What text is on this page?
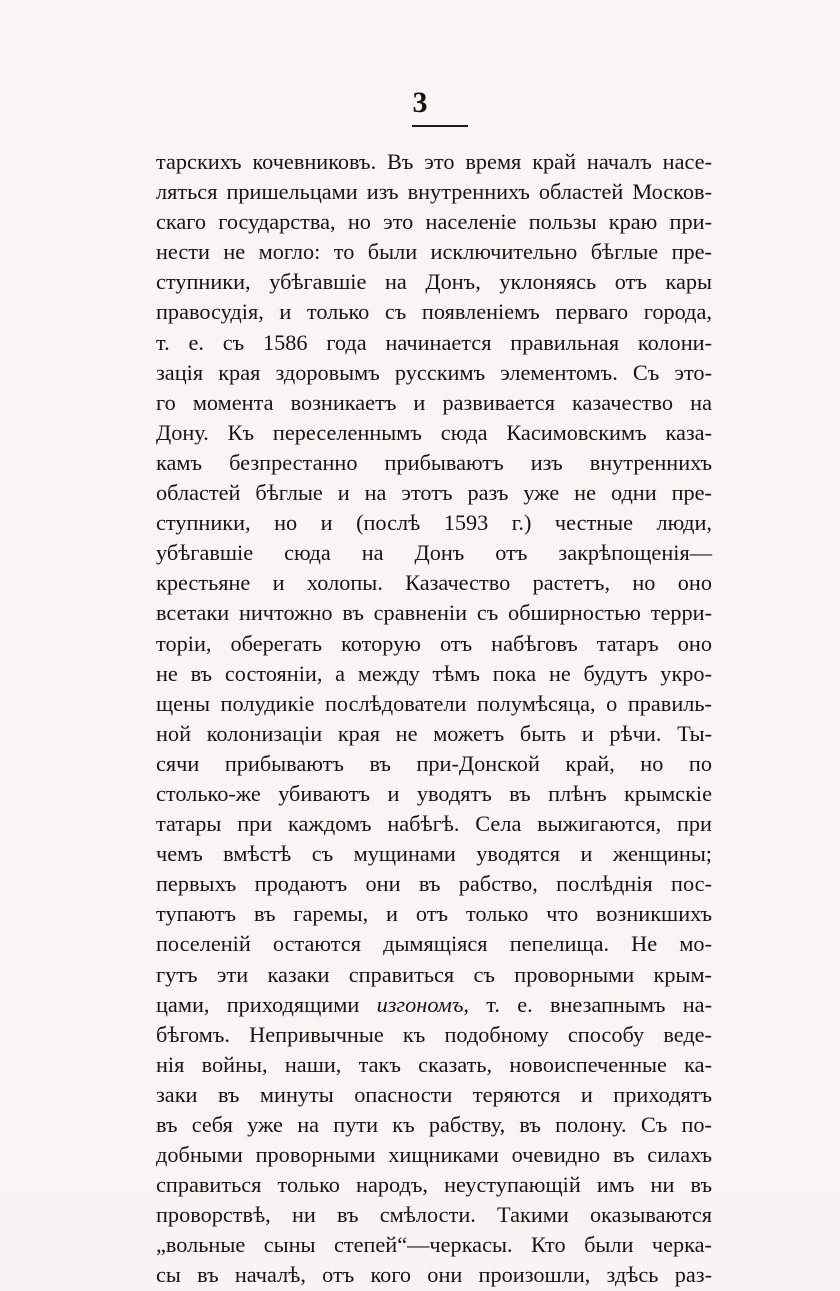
3
тарскихъ кочевниковъ. Въ это время край началъ насе-
ляться пришельцами изъ внутреннихъ областей Москов-
скаго государства, но это населеніе пользы краю при-
нести не могло: то были исключительно бѣглые пре-
ступники, убѣгавшіе на Донъ, уклоняясь отъ кары
правосудія, и только съ появленіемъ перваго города,
т. е. съ 1586 года начинается правильная колони-
зація края здоровымъ русскимъ элементомъ. Съ это-
го момента возникаетъ и развивается казачество на
Дону. Къ переселеннымъ сюда Касимовскимъ каза-
камъ безпрестанно прибываютъ изъ внутреннихъ
областей бѣглые и на этотъ разъ уже не одни пре-
ступники, но и (послѣ 1593 г.) честные люди,
убѣгавшіе сюда на Донъ отъ закрѣпощенія—
крестьяне и холопы. Казачество растетъ, но оно
всетаки ничтожно въ сравненіи съ обширностью терри-
торіи, оберегать которую отъ набѣговъ татаръ оно
не въ состояніи, а между тѣмъ пока не будутъ укро-
щены полудикіе послѣдователи полумѣсяца, о правиль-
ной колонизаціи края не можетъ быть и рѣчи. Ты-
сячи прибываютъ въ при-Донской край, но по
столько-же убиваютъ и уводятъ въ плѣнъ крымскіе
татары при каждомъ набѣгѣ. Села выжигаются, при
чемъ вмѣстѣ съ мущинами уводятся и женщины;
первыхъ продаютъ они въ рабство, послѣднія пос-
тупаютъ въ гаремы, и отъ только что возникшихъ
поселеній остаются дымящіяся пепелища. Не мо-
гутъ эти казаки справиться съ проворными крым-
цами, приходящими изгономъ, т. е. внезапнымъ на-
бѣгомъ. Непривычные къ подобному способу веде-
нія войны, наши, такъ сказать, новоиспеченные ка-
заки въ минуты опасности теряются и приходятъ
въ себя уже на пути къ рабству, въ полону. Съ по-
добными проворными хищниками очевидно въ силахъ
справиться только народъ, неуступающій имъ ни въ
проворствѣ, ни въ смѣлости. Такими оказываются
„вольные сыны степей“—черкасы. Кто были черка-
сы въ началѣ, отъ кого они произошли, здѣсь раз-
